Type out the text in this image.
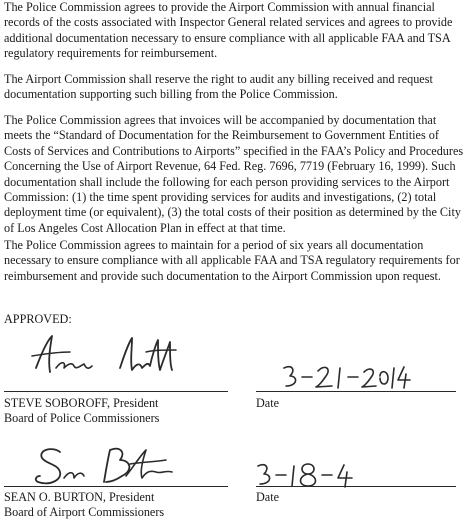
The Police Commission agrees to provide the Airport Commission with annual financial records of the costs associated with Inspector General related services and agrees to provide additional documentation necessary to ensure compliance with all applicable FAA and TSA regulatory requirements for reimbursement.

The Airport Commission shall reserve the right to audit any billing received and request documentation supporting such billing from the Police Commission.

The Police Commission agrees that invoices will be accompanied by documentation that meets the “Standard of Documentation for the Reimbursement to Government Entities of Costs of Services and Contributions to Airports” specified in the FAA’s Policy and Procedures Concerning the Use of Airport Revenue, 64 Fed. Reg. 7696, 7719 (February 16, 1999). Such documentation shall include the following for each person providing services to the Airport Commission: (1) the time spent providing services for audits and investigations, (2) total deployment time (or equivalent), (3) the total costs of their position as determined by the City of Los Angeles Cost Allocation Plan in effect at that time.

The Police Commission agrees to maintain for a period of six years all documentation necessary to ensure compliance with all applicable FAA and TSA regulatory requirements for reimbursement and provide such documentation to the Airport Commission upon request.

APPROVED:
STEVE SOBOROFF, President
Board of Police Commissioners
Date
SEAN O. BURTON, President
Board of Airport Commissioners
Date
